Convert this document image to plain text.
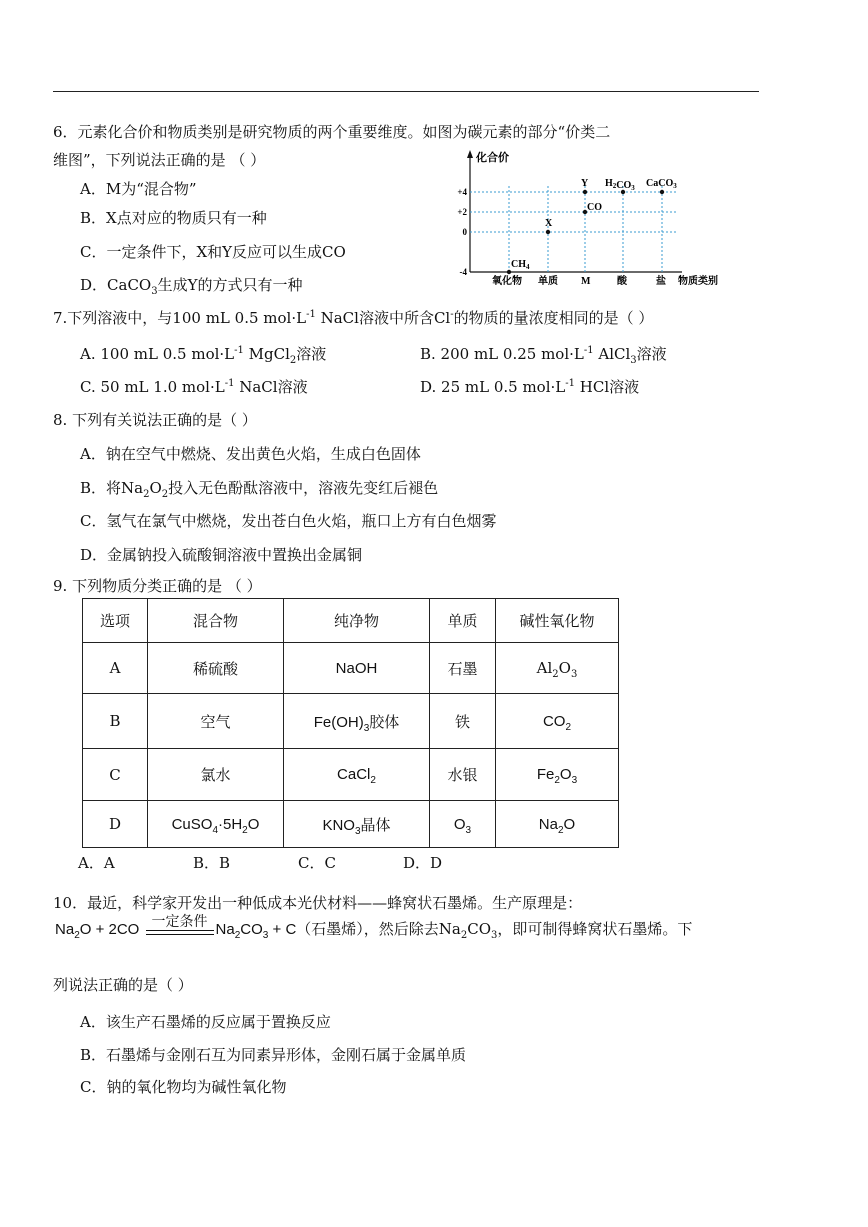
6．元素化合价和物质类别是研究物质的两个重要维度。如图为碳元素的部分“价类二
维图”，下列说法正确的是 （ ）
A．M为“混合物”
B．X点对应的物质只有一种
C．一定条件下，X和Y反应可以生成CO
D．CaCO$_3$生成Y的方式只有一种
+4
+2
0
-4
氧化物 单质 M	酸	盐
$CH_4$
X
CO
Y $H_2CO_3$ CaCO$_3$
化合价
物质类别
7.下列溶液中，与100 mL 0.5 $mol\cdot L^{-1}$ NaCl溶液中所含Cl-的物质的量浓度相同的是（ ）
A. 100 mL 0.5 $mol\cdot L^{-1}$ MgCl$_2$溶液	B. 200 mL 0.25 $mol\cdot L^{-1}$ AlCl$_3$溶液
C. 50 mL 1.0 $mol\cdot L^{-1}$ NaCl溶液	D. 25 mL 0.5 $mol\cdot L^{-1}$ HCl溶液
8. 下列有关说法正确的是（ ）
A．钠在空气中燃烧、发出黄色火焰，生成白色固体
B．将$Na_2O_2$投入无色酚酞溶液中，溶液先变红后褪色
C．氢气在氯气中燃烧，发出苍白色火焰，瓶口上方有白色烟雾
D．金属钠投入硫酸铜溶液中置换出金属铜
9. 下列物质分类正确的是 （ ）
选项	混合物	纯净物	单质	碱性氧化物
A	稀硫酸	NaOH	石墨	$Al_2O_3$
B	空气	$Fe(OH)_3$胶体	铁	$CO_2$
C	氯水	CaCl$_2$	水银	$Fe_2O_3$
D	$CuSO_4\cdot 5H_2O$	$KNO_3$晶体	$O_3$	$Na_2O$
A．A	B．B	C．C	D．D
10．最近，科学家开发出一种低成本光伏材料——蜂窝状石墨烯。生产原理是：
$Na_2O + 2CO$ 一定条件 $Na_2CO_3 + C$（石墨烯），然后除去$Na_2CO_3$，即可制得蜂窝状石墨烯。下
列说法正确的是（ ）
A．该生产石墨烯的反应属于置换反应
B．石墨烯与金刚石互为同素异形体，金刚石属于金属单质
C．钠的氧化物均为碱性氧化物
